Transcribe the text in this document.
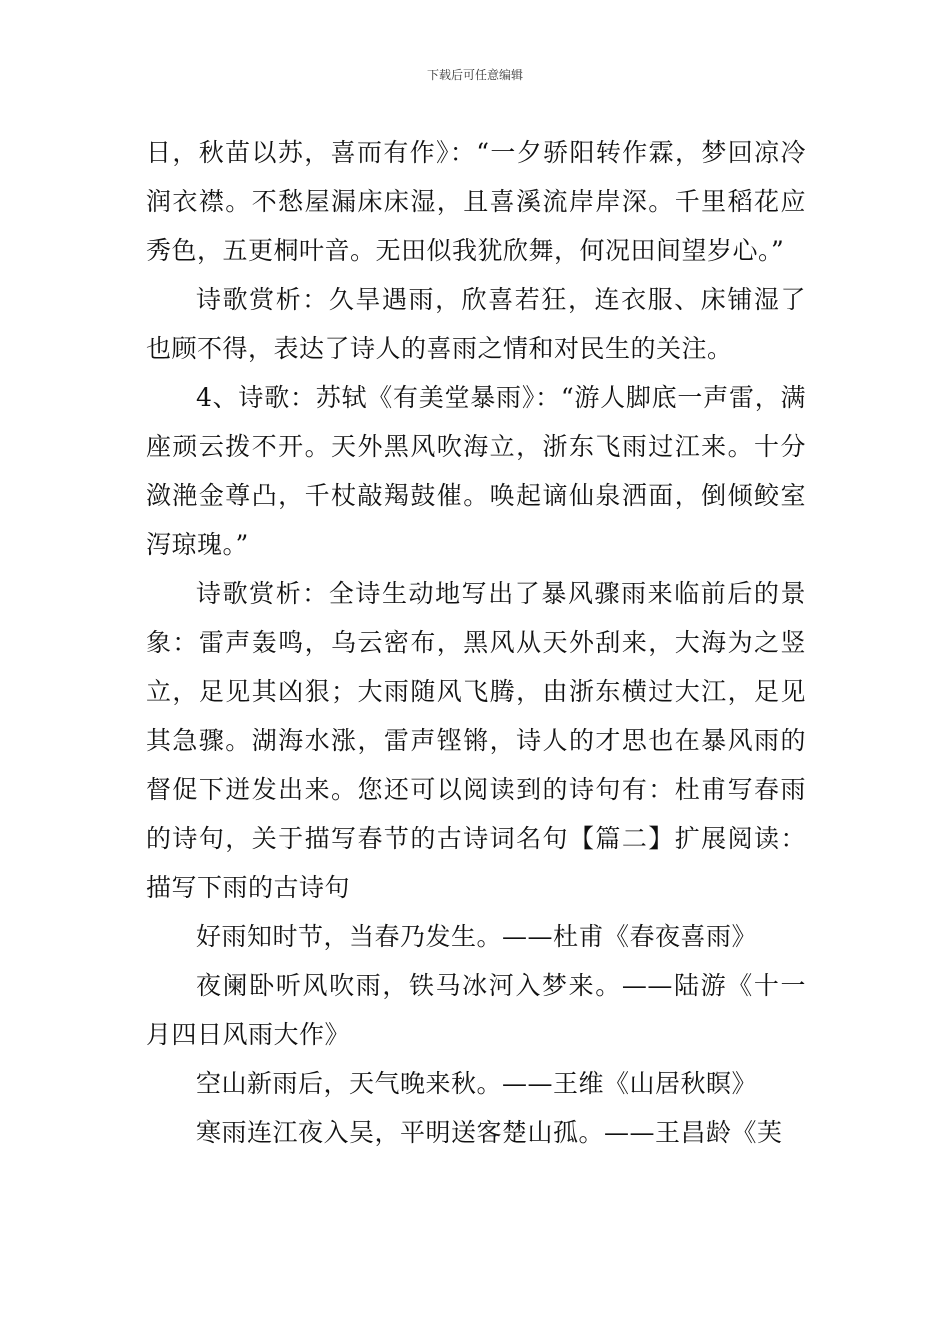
下载后可任意编辑

日，秋苗以苏，喜而有作》：“一夕骄阳转作霖，梦回凉冷润衣襟。不愁屋漏床床湿，且喜溪流岸岸深。千里稻花应秀色，五更桐叶音。无田似我犹欣舞，何况田间望岁心。”

诗歌赏析：久旱遇雨，欣喜若狂，连衣服、床铺湿了也顾不得，表达了诗人的喜雨之情和对民生的关注。

4、诗歌：苏轼《有美堂暴雨》：“游人脚底一声雷，满座顽云拨不开。天外黑风吹海立，浙东飞雨过江来。十分潋滟金尊凸，千杖敲羯鼓催。唤起谪仙泉洒面，倒倾鲛室泻琼瑰。”

诗歌赏析：全诗生动地写出了暴风骤雨来临前后的景象：雷声轰鸣，乌云密布，黑风从天外刮来，大海为之竖立，足见其凶狠；大雨随风飞腾，由浙东横过大江，足见其急骤。湖海水涨，雷声铿锵，诗人的才思也在暴风雨的督促下迸发出来。您还可以阅读到的诗句有：杜甫写春雨的诗句，关于描写春节的古诗词名句【篇二】扩展阅读：描写下雨的古诗句

好雨知时节，当春乃发生。——杜甫《春夜喜雨》

夜阑卧听风吹雨，铁马冰河入梦来。——陆游《十一月四日风雨大作》

空山新雨后，天气晚来秋。——王维《山居秋瞑》

寒雨连江夜入吴，平明送客楚山孤。——王昌龄《芙
